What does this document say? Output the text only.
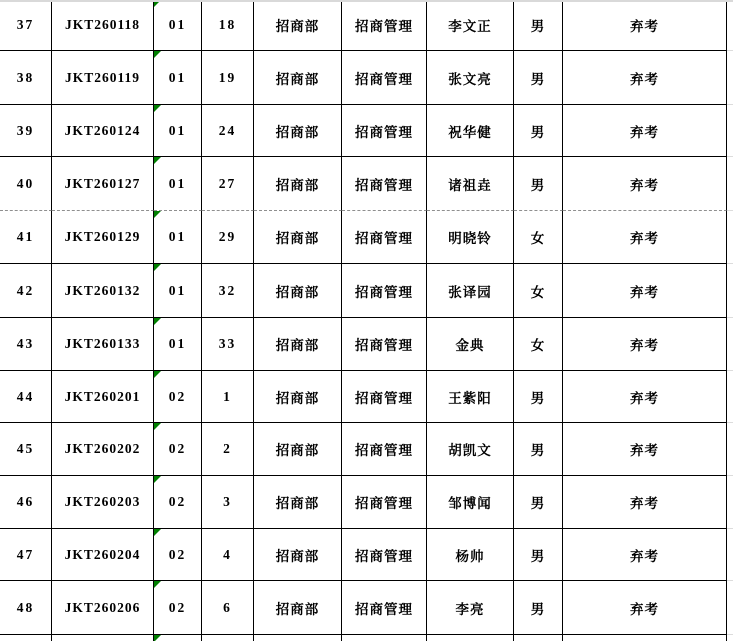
37	JKT260118	01	18	招商部	招商管理	李文正	男	弃考
38	JKT260119	01	19	招商部	招商管理	张文亮	男	弃考
39	JKT260124	01	24	招商部	招商管理	祝华健	男	弃考
40	JKT260127	01	27	招商部	招商管理	诸祖垚	男	弃考
41	JKT260129	01	29	招商部	招商管理	明晓铃	女	弃考
42	JKT260132	01	32	招商部	招商管理	张译园	女	弃考
43	JKT260133	01	33	招商部	招商管理	金典	女	弃考
44	JKT260201	02	1	招商部	招商管理	王紫阳	男	弃考
45	JKT260202	02	2	招商部	招商管理	胡凯文	男	弃考
46	JKT260203	02	3	招商部	招商管理	邹博闻	男	弃考
47	JKT260204	02	4	招商部	招商管理	杨帅	男	弃考
48	JKT260206	02	6	招商部	招商管理	李亮	男	弃考
